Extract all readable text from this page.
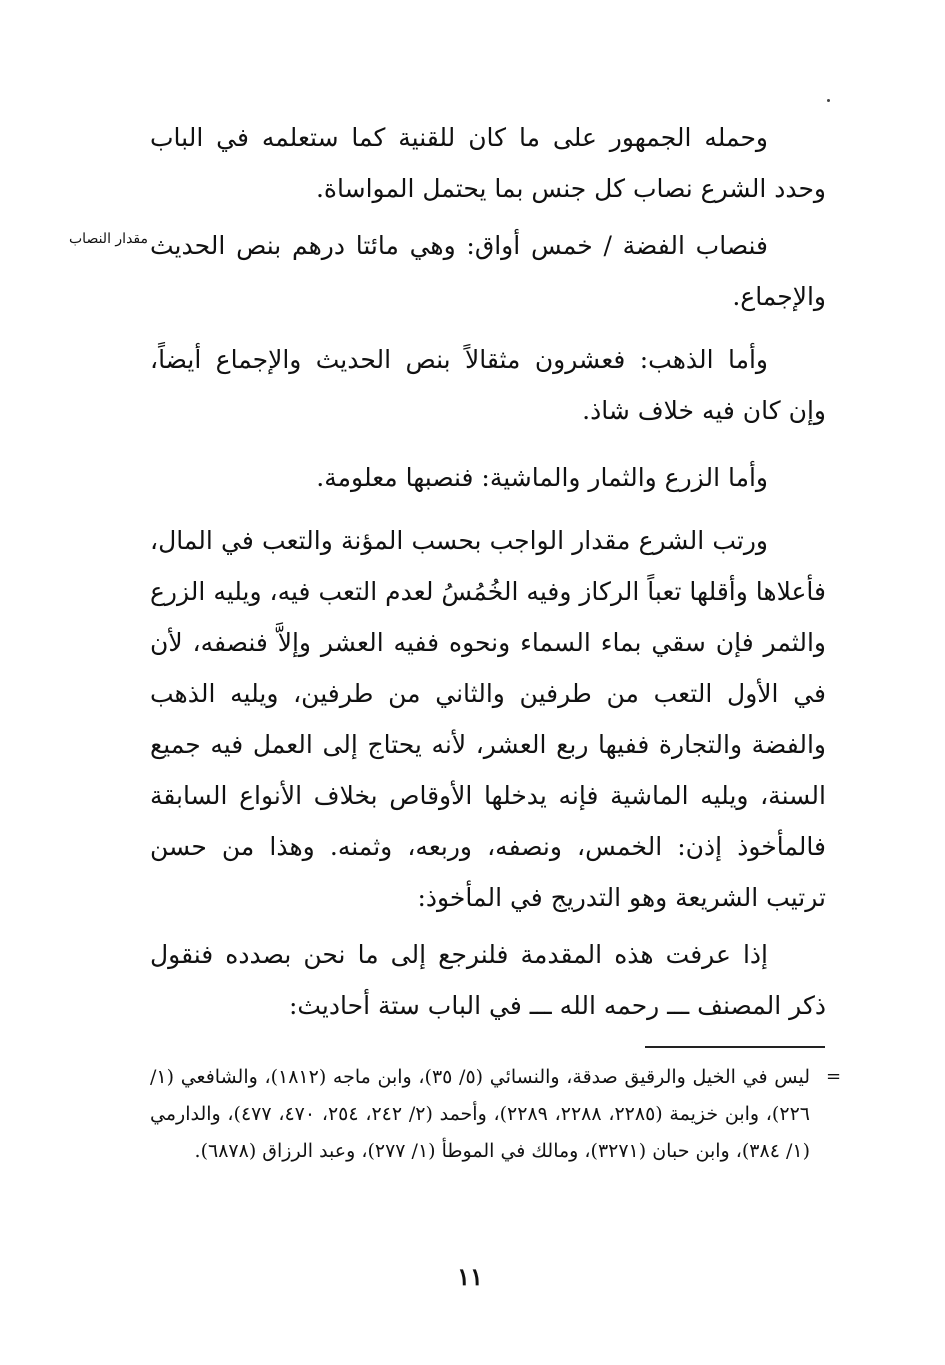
وحمله الجمهور على ما كان للقنية كما ستعلمه في الباب وحدد الشرع نصاب كل جنس بما يحتمل المواساة.

فنصاب الفضة / خمس أواق: وهي مائتا درهم بنص الحديث والإجماع.

مقدار النصاب

وأما الذهب: فعشرون مثقالاً بنص الحديث والإجماع أيضاً، وإن كان فيه خلاف شاذ.

وأما الزرع والثمار والماشية: فنصبها معلومة.

ورتب الشرع مقدار الواجب بحسب المؤنة والتعب في المال، فأعلاها وأقلها تعباً الركاز وفيه الخُمُسُ لعدم التعب فيه، ويليه الزرع والثمر فإن سقي بماء السماء ونحوه ففيه العشر وإلاَّ فنصفه، لأن في الأول التعب من طرفين والثاني من طرفين، ويليه الذهب والفضة والتجارة ففيها ربع العشر، لأنه يحتاج إلى العمل فيه جميع السنة، ويليه الماشية فإنه يدخلها الأوقاص بخلاف الأنواع السابقة فالمأخوذ إذن: الخمس، ونصفه، وربعه، وثمنه. وهذا من حسن ترتيب الشريعة وهو التدريج في المأخوذ:

إذا عرفت هذه المقدمة فلنرجع إلى ما نحن بصدده فنقول ذكر المصنف ـــ رحمه الله ـــ في الباب ستة أحاديث:

=

ليس في الخيل والرقيق صدقة، والنسائي (٥/ ٣٥)، وابن ماجه (١٨١٢)، والشافعي (١/ ٢٢٦)، وابن خزيمة (٢٢٨٥، ٢٢٨٨، ٢٢٨٩)، وأحمد (٢/ ٢٤٢، ٢٥٤، ٤٧٠، ٤٧٧)، والدارمي (١/ ٣٨٤)، وابن حبان (٣٢٧١)، ومالك في الموطأ (١/ ٢٧٧)، وعبد الرزاق (٦٨٧٨).

١١
